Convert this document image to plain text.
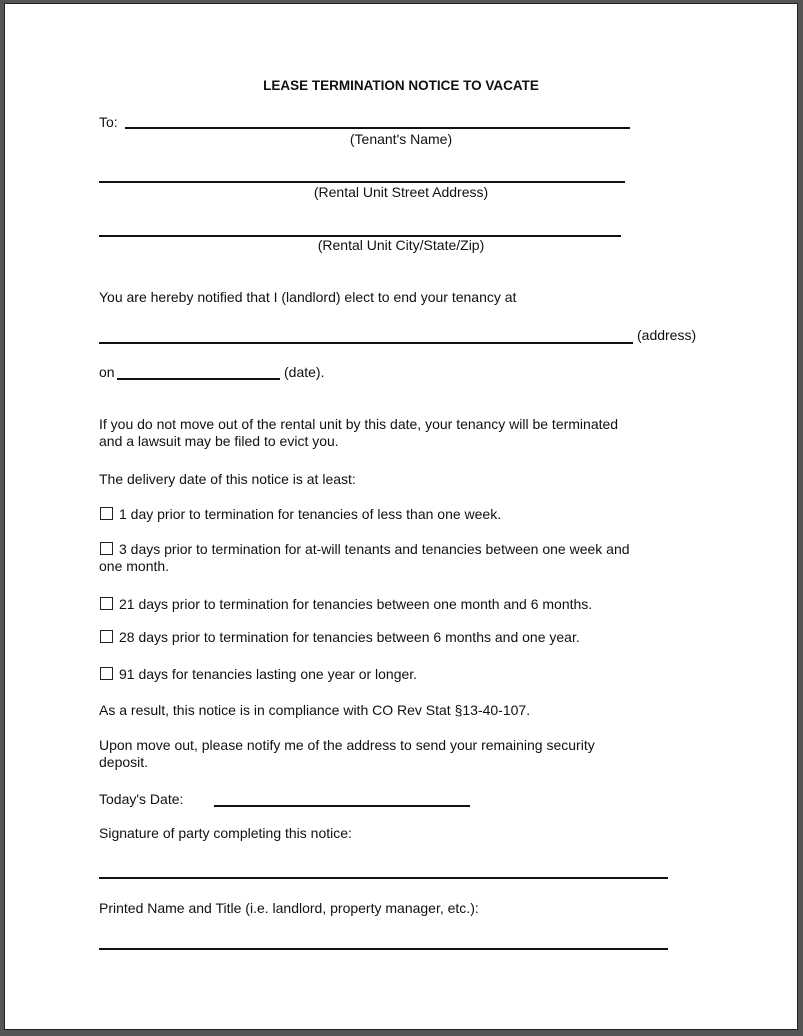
LEASE TERMINATION NOTICE TO VACATE
To:
(Tenant's Name)
(Rental Unit Street Address)
(Rental Unit City/State/Zip)
You are hereby notified that I (landlord) elect to end your tenancy at
(address)
on	(date).
If you do not move out of the rental unit by this date, your tenancy will be terminated
and a lawsuit may be filed to evict you.
The delivery date of this notice is at least:
1 day prior to termination for tenancies of less than one week.
3 days prior to termination for at-will tenants and tenancies between one week and
one month.
21 days prior to termination for tenancies between one month and 6 months.
28 days prior to termination for tenancies between 6 months and one year.
91 days for tenancies lasting one year or longer.
As a result, this notice is in compliance with CO Rev Stat §13-40-107.
Upon move out, please notify me of the address to send your remaining security
deposit.
Today's Date:
Signature of party completing this notice:
Printed Name and Title (i.e. landlord, property manager, etc.):
